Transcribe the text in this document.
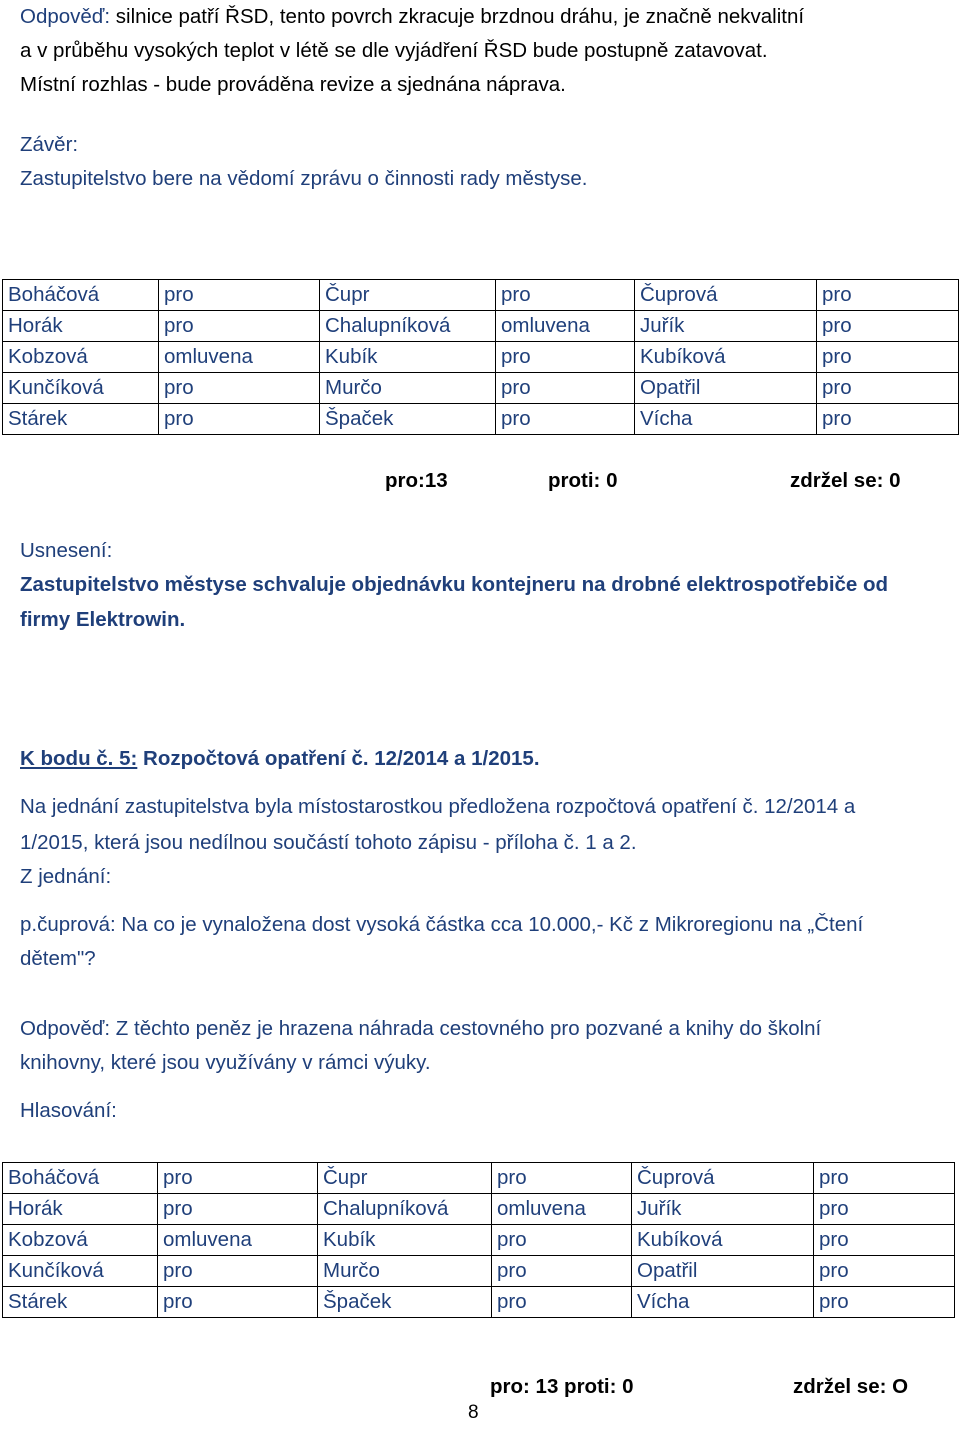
Odpověď: silnice patří ŘSD, tento povrch zkracuje brzdnou dráhu, je značně nekvalitní
a v průběhu vysokých teplot v létě se dle vyjádření ŘSD bude postupně zatavovat.
Místní rozhlas - bude prováděna revize a sjednána náprava.
Závěr:
Zastupitelstvo bere na vědomí zprávu o činnosti rady městyse.
Boháčová	pro	Čupr	pro	Čuprová	pro
Horák	pro	Chalupníková	omluvena	Juřík	pro
Kobzová	omluvena	Kubík	pro	Kubíková	pro
Kunčíková	pro	Murčo	pro	Opatřil	pro
Stárek	pro	Špaček	pro	Vícha	pro
pro:13	proti: 0	zdržel se: 0
Usnesení:
Zastupitelstvo městyse schvaluje objednávku kontejneru na drobné elektrospotřebiče od
firmy Elektrowin.
K bodu č. 5: Rozpočtová opatření č. 12/2014 a 1/2015.
Na jednání zastupitelstva byla místostarostkou předložena rozpočtová opatření č. 12/2014 a
1/2015, která jsou nedílnou součástí tohoto zápisu - příloha č. 1 a 2.
Z jednání:
p.čuprová: Na co je vynaložena dost vysoká částka cca 10.000,- Kč z Mikroregionu na „Čtení
dětem"?
Odpověď: Z těchto peněz je hrazena náhrada cestovného pro pozvané a knihy do školní
knihovny, které jsou využívány v rámci výuky.
Hlasování:
Boháčová	pro	Čupr	pro	Čuprová	pro
Horák	pro	Chalupníková	omluvena	Juřík	pro
Kobzová	omluvena	Kubík	pro	Kubíková	pro
Kunčíková	pro	Murčo	pro	Opatřil	pro
Stárek	pro	Špaček	pro	Vícha	pro
pro: 13 proti: 0	zdržel se: O
8
